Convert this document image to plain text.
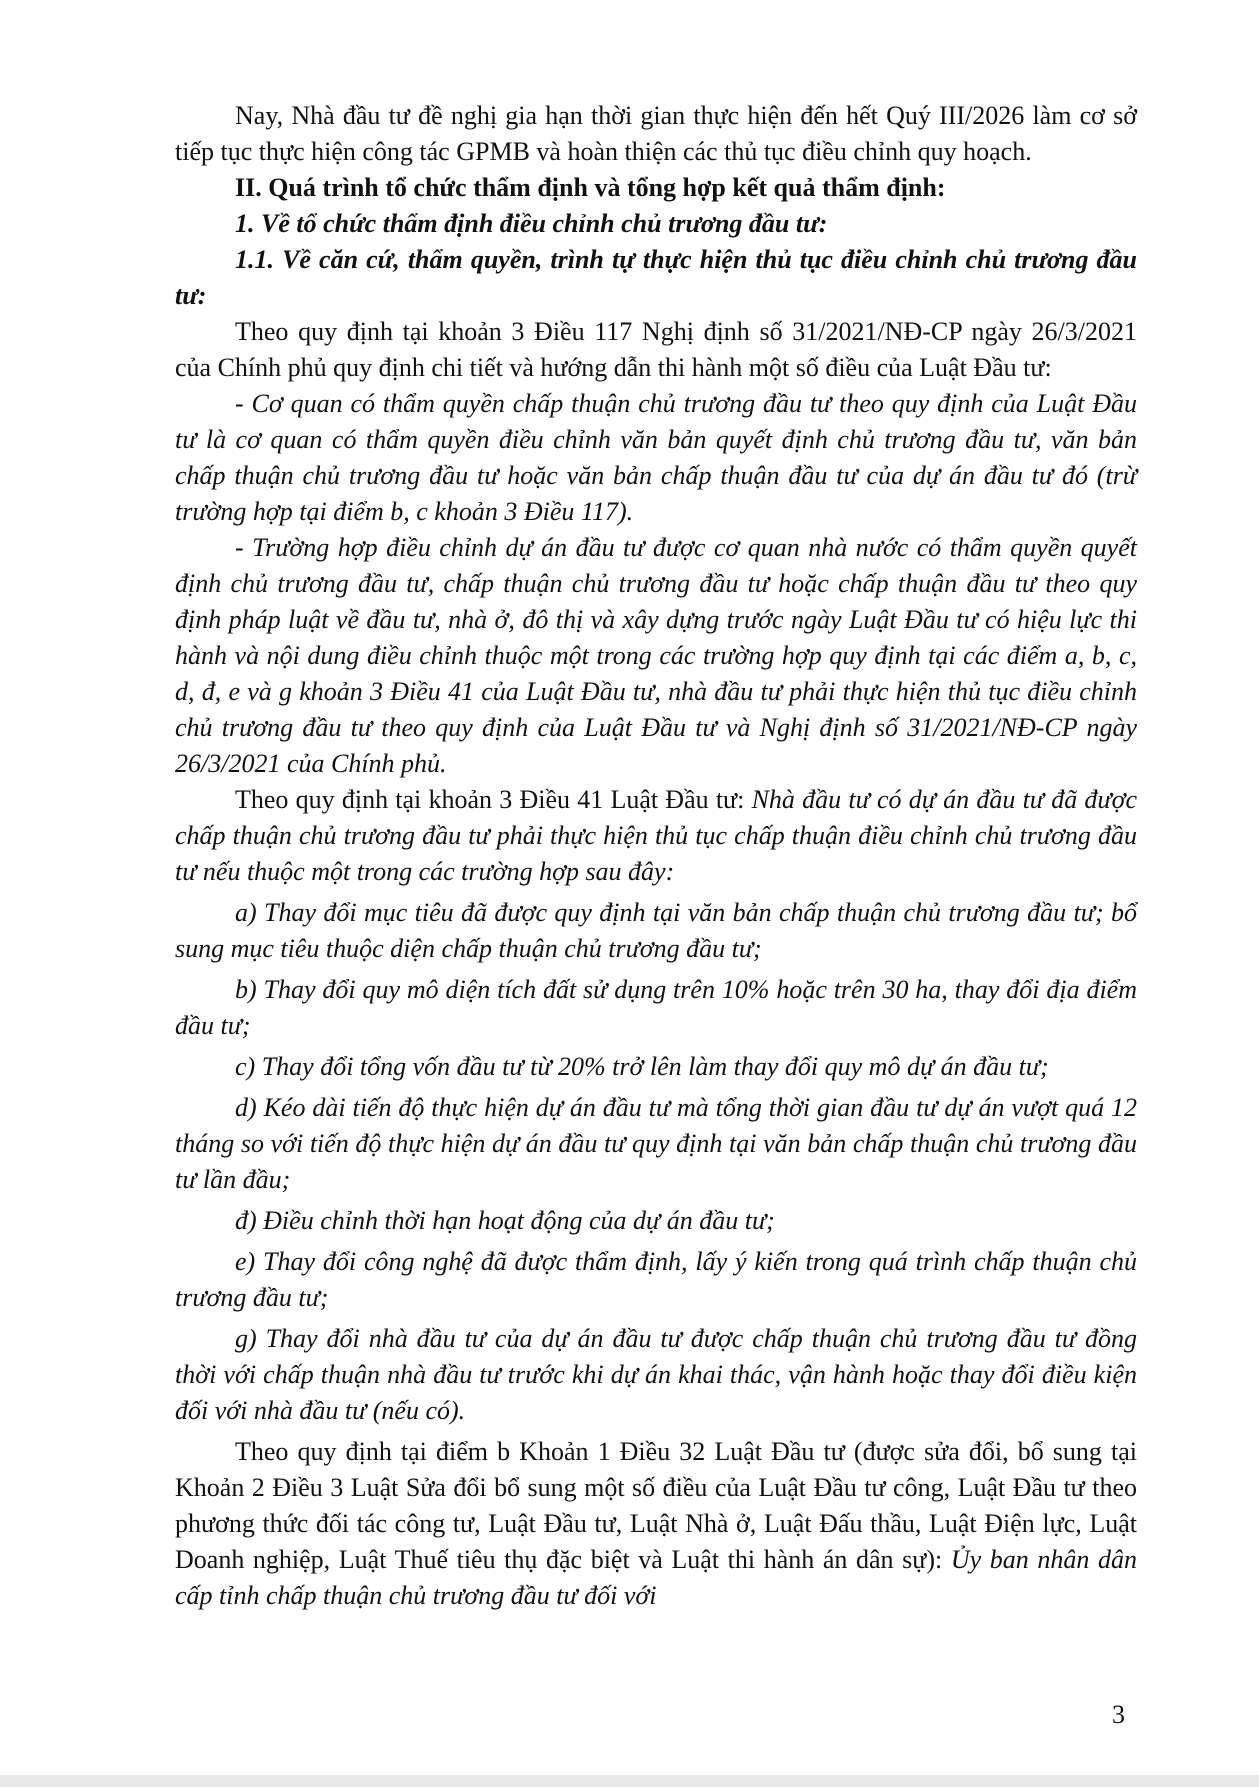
Nay, Nhà đầu tư đề nghị gia hạn thời gian thực hiện đến hết Quý III/2026 làm cơ sở tiếp tục thực hiện công tác GPMB và hoàn thiện các thủ tục điều chỉnh quy hoạch.

II. Quá trình tổ chức thẩm định và tổng hợp kết quả thẩm định:

1. Về tổ chức thẩm định điều chỉnh chủ trương đầu tư:

1.1. Về căn cứ, thẩm quyền, trình tự thực hiện thủ tục điều chỉnh chủ trương đầu tư:

Theo quy định tại khoản 3 Điều 117 Nghị định số 31/2021/NĐ-CP ngày 26/3/2021 của Chính phủ quy định chi tiết và hướng dẫn thi hành một số điều của Luật Đầu tư:

- Cơ quan có thẩm quyền chấp thuận chủ trương đầu tư theo quy định của Luật Đầu tư là cơ quan có thẩm quyền điều chỉnh văn bản quyết định chủ trương đầu tư, văn bản chấp thuận chủ trương đầu tư hoặc văn bản chấp thuận đầu tư của dự án đầu tư đó (trừ trường hợp tại điểm b, c khoản 3 Điều 117).

- Trường hợp điều chỉnh dự án đầu tư được cơ quan nhà nước có thẩm quyền quyết định chủ trương đầu tư, chấp thuận chủ trương đầu tư hoặc chấp thuận đầu tư theo quy định pháp luật về đầu tư, nhà ở, đô thị và xây dựng trước ngày Luật Đầu tư có hiệu lực thi hành và nội dung điều chỉnh thuộc một trong các trường hợp quy định tại các điểm a, b, c, d, đ, e và g khoản 3 Điều 41 của Luật Đầu tư, nhà đầu tư phải thực hiện thủ tục điều chỉnh chủ trương đầu tư theo quy định của Luật Đầu tư và Nghị định số 31/2021/NĐ-CP ngày 26/3/2021 của Chính phủ.

Theo quy định tại khoản 3 Điều 41 Luật Đầu tư: Nhà đầu tư có dự án đầu tư đã được chấp thuận chủ trương đầu tư phải thực hiện thủ tục chấp thuận điều chỉnh chủ trương đầu tư nếu thuộc một trong các trường hợp sau đây:

a) Thay đổi mục tiêu đã được quy định tại văn bản chấp thuận chủ trương đầu tư; bổ sung mục tiêu thuộc diện chấp thuận chủ trương đầu tư;

b) Thay đổi quy mô diện tích đất sử dụng trên 10% hoặc trên 30 ha, thay đổi địa điểm đầu tư;

c) Thay đổi tổng vốn đầu tư từ 20% trở lên làm thay đổi quy mô dự án đầu tư;

d) Kéo dài tiến độ thực hiện dự án đầu tư mà tổng thời gian đầu tư dự án vượt quá 12 tháng so với tiến độ thực hiện dự án đầu tư quy định tại văn bản chấp thuận chủ trương đầu tư lần đầu;

đ) Điều chỉnh thời hạn hoạt động của dự án đầu tư;

e) Thay đổi công nghệ đã được thẩm định, lấy ý kiến trong quá trình chấp thuận chủ trương đầu tư;

g) Thay đổi nhà đầu tư của dự án đầu tư được chấp thuận chủ trương đầu tư đồng thời với chấp thuận nhà đầu tư trước khi dự án khai thác, vận hành hoặc thay đổi điều kiện đối với nhà đầu tư (nếu có).

Theo quy định tại điểm b Khoản 1 Điều 32 Luật Đầu tư (được sửa đổi, bổ sung tại Khoản 2 Điều 3 Luật Sửa đổi bổ sung một số điều của Luật Đầu tư công, Luật Đầu tư theo phương thức đối tác công tư, Luật Đầu tư, Luật Nhà ở, Luật Đấu thầu, Luật Điện lực, Luật Doanh nghiệp, Luật Thuế tiêu thụ đặc biệt và Luật thi hành án dân sự): Ủy ban nhân dân cấp tỉnh chấp thuận chủ trương đầu tư đối với

3
